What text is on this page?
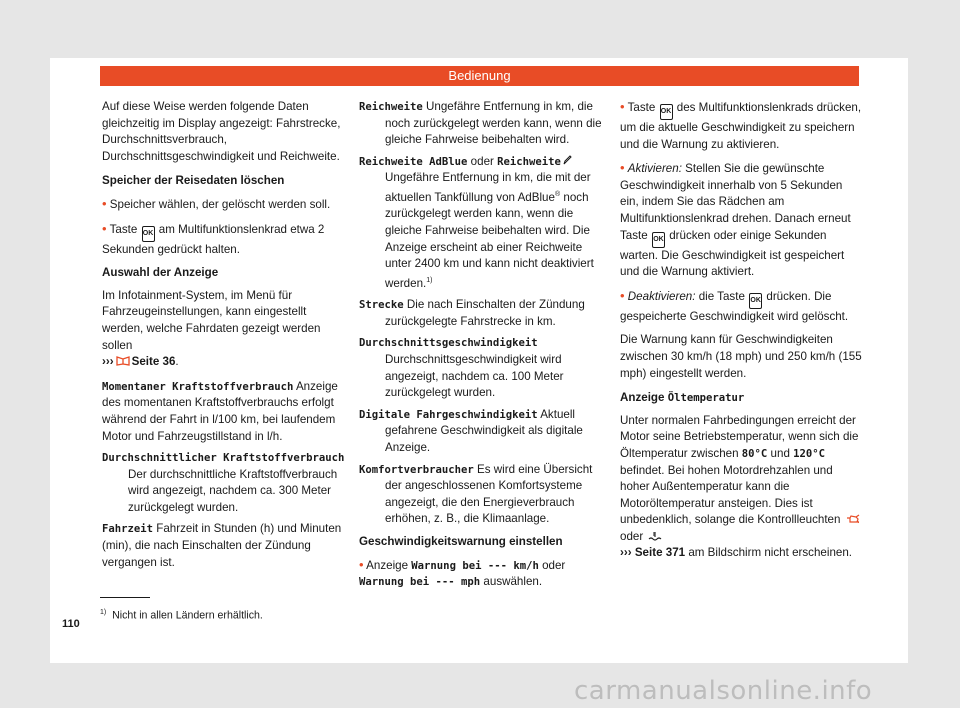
Bedienung

Auf diese Weise werden folgende Daten gleichzeitig im Display angezeigt: Fahrstrecke, Durchschnittsverbrauch, Durchschnittsgeschwindigkeit und Reichweite.

Speicher der Reisedaten löschen

• Speicher wählen, der gelöscht werden soll.

• Taste OK am Multifunktionslenkrad etwa 2 Sekunden gedrückt halten.

Auswahl der Anzeige

Im Infotainment-System, im Menü für Fahrzeugeinstellungen, kann eingestellt werden, welche Fahrdaten gezeigt werden sollen
››› Seite 36.

Momentaner Kraftstoffverbrauch Anzeige des momentanen Kraftstoffverbrauchs erfolgt während der Fahrt in l/100 km, bei laufendem Motor und Fahrzeugstillstand in l/h.
Durchschnittlicher Kraftstoffverbrauch
Der durchschnittliche Kraftstoffverbrauch wird angezeigt, nachdem ca. 300 Meter zurückgelegt wurden.
Fahrzeit Fahrzeit in Stunden (h) und Minuten (min), die nach Einschalten der Zündung vergangen ist.
Reichweite Ungefähre Entfernung in km, die noch zurückgelegt werden kann, wenn die gleiche Fahrweise beibehalten wird.
Reichweite AdBlue oder Reichweite Ungefähre Entfernung in km, die mit der aktuellen Tankfüllung von AdBlue® noch zurückgelegt werden kann, wenn die gleiche Fahrweise beibehalten wird. Die Anzeige erscheint ab einer Reichweite unter 2400 km und kann nicht deaktiviert werden.$^{1)}$
Strecke Die nach Einschalten der Zündung zurückgelegte Fahrstrecke in km.
Durchschnittsgeschwindigkeit Durchschnittsgeschwindigkeit wird angezeigt, nachdem ca. 100 Meter zurückgelegt wurden.
Digitale Fahrgeschwindigkeit Aktuell gefahrene Geschwindigkeit als digitale Anzeige.
Komfortverbraucher Es wird eine Übersicht der angeschlossenen Komfortsysteme angezeigt, die den Energieverbrauch erhöhen, z. B., die Klimaanlage.

Geschwindigkeitswarnung einstellen

• Anzeige Warnung bei --- km/h oder Warnung bei --- mph auswählen.

• Taste OK des Multifunktionslenkrads drücken, um die aktuelle Geschwindigkeit zu speichern und die Warnung zu aktivieren.

• Aktivieren: Stellen Sie die gewünschte Geschwindigkeit innerhalb von 5 Sekunden ein, indem Sie das Rädchen am Multifunktionslenkrad drehen. Danach erneut Taste OK drücken oder einige Sekunden warten. Die Geschwindigkeit ist gespeichert und die Warnung aktiviert.

• Deaktivieren: die Taste OK drücken. Die gespeicherte Geschwindigkeit wird gelöscht.

Die Warnung kann für Geschwindigkeiten zwischen 30 km/h (18 mph) und 250 km/h (155 mph) eingestellt werden.

Anzeige Öltemperatur

Unter normalen Fahrbedingungen erreicht der Motor seine Betriebstemperatur, wenn sich die Öltemperatur zwischen 80°C und 120°C befindet. Bei hohen Motordrehzahlen und hoher Außentemperatur kann die Motoröltemperatur ansteigen. Dies ist unbedenklich, solange die Kontrollleuchten  oder
››› Seite 371 am Bildschirm nicht erscheinen.

$^{1)}$ Nicht in allen Ländern erhältlich.
110
carmanualsonline.info
